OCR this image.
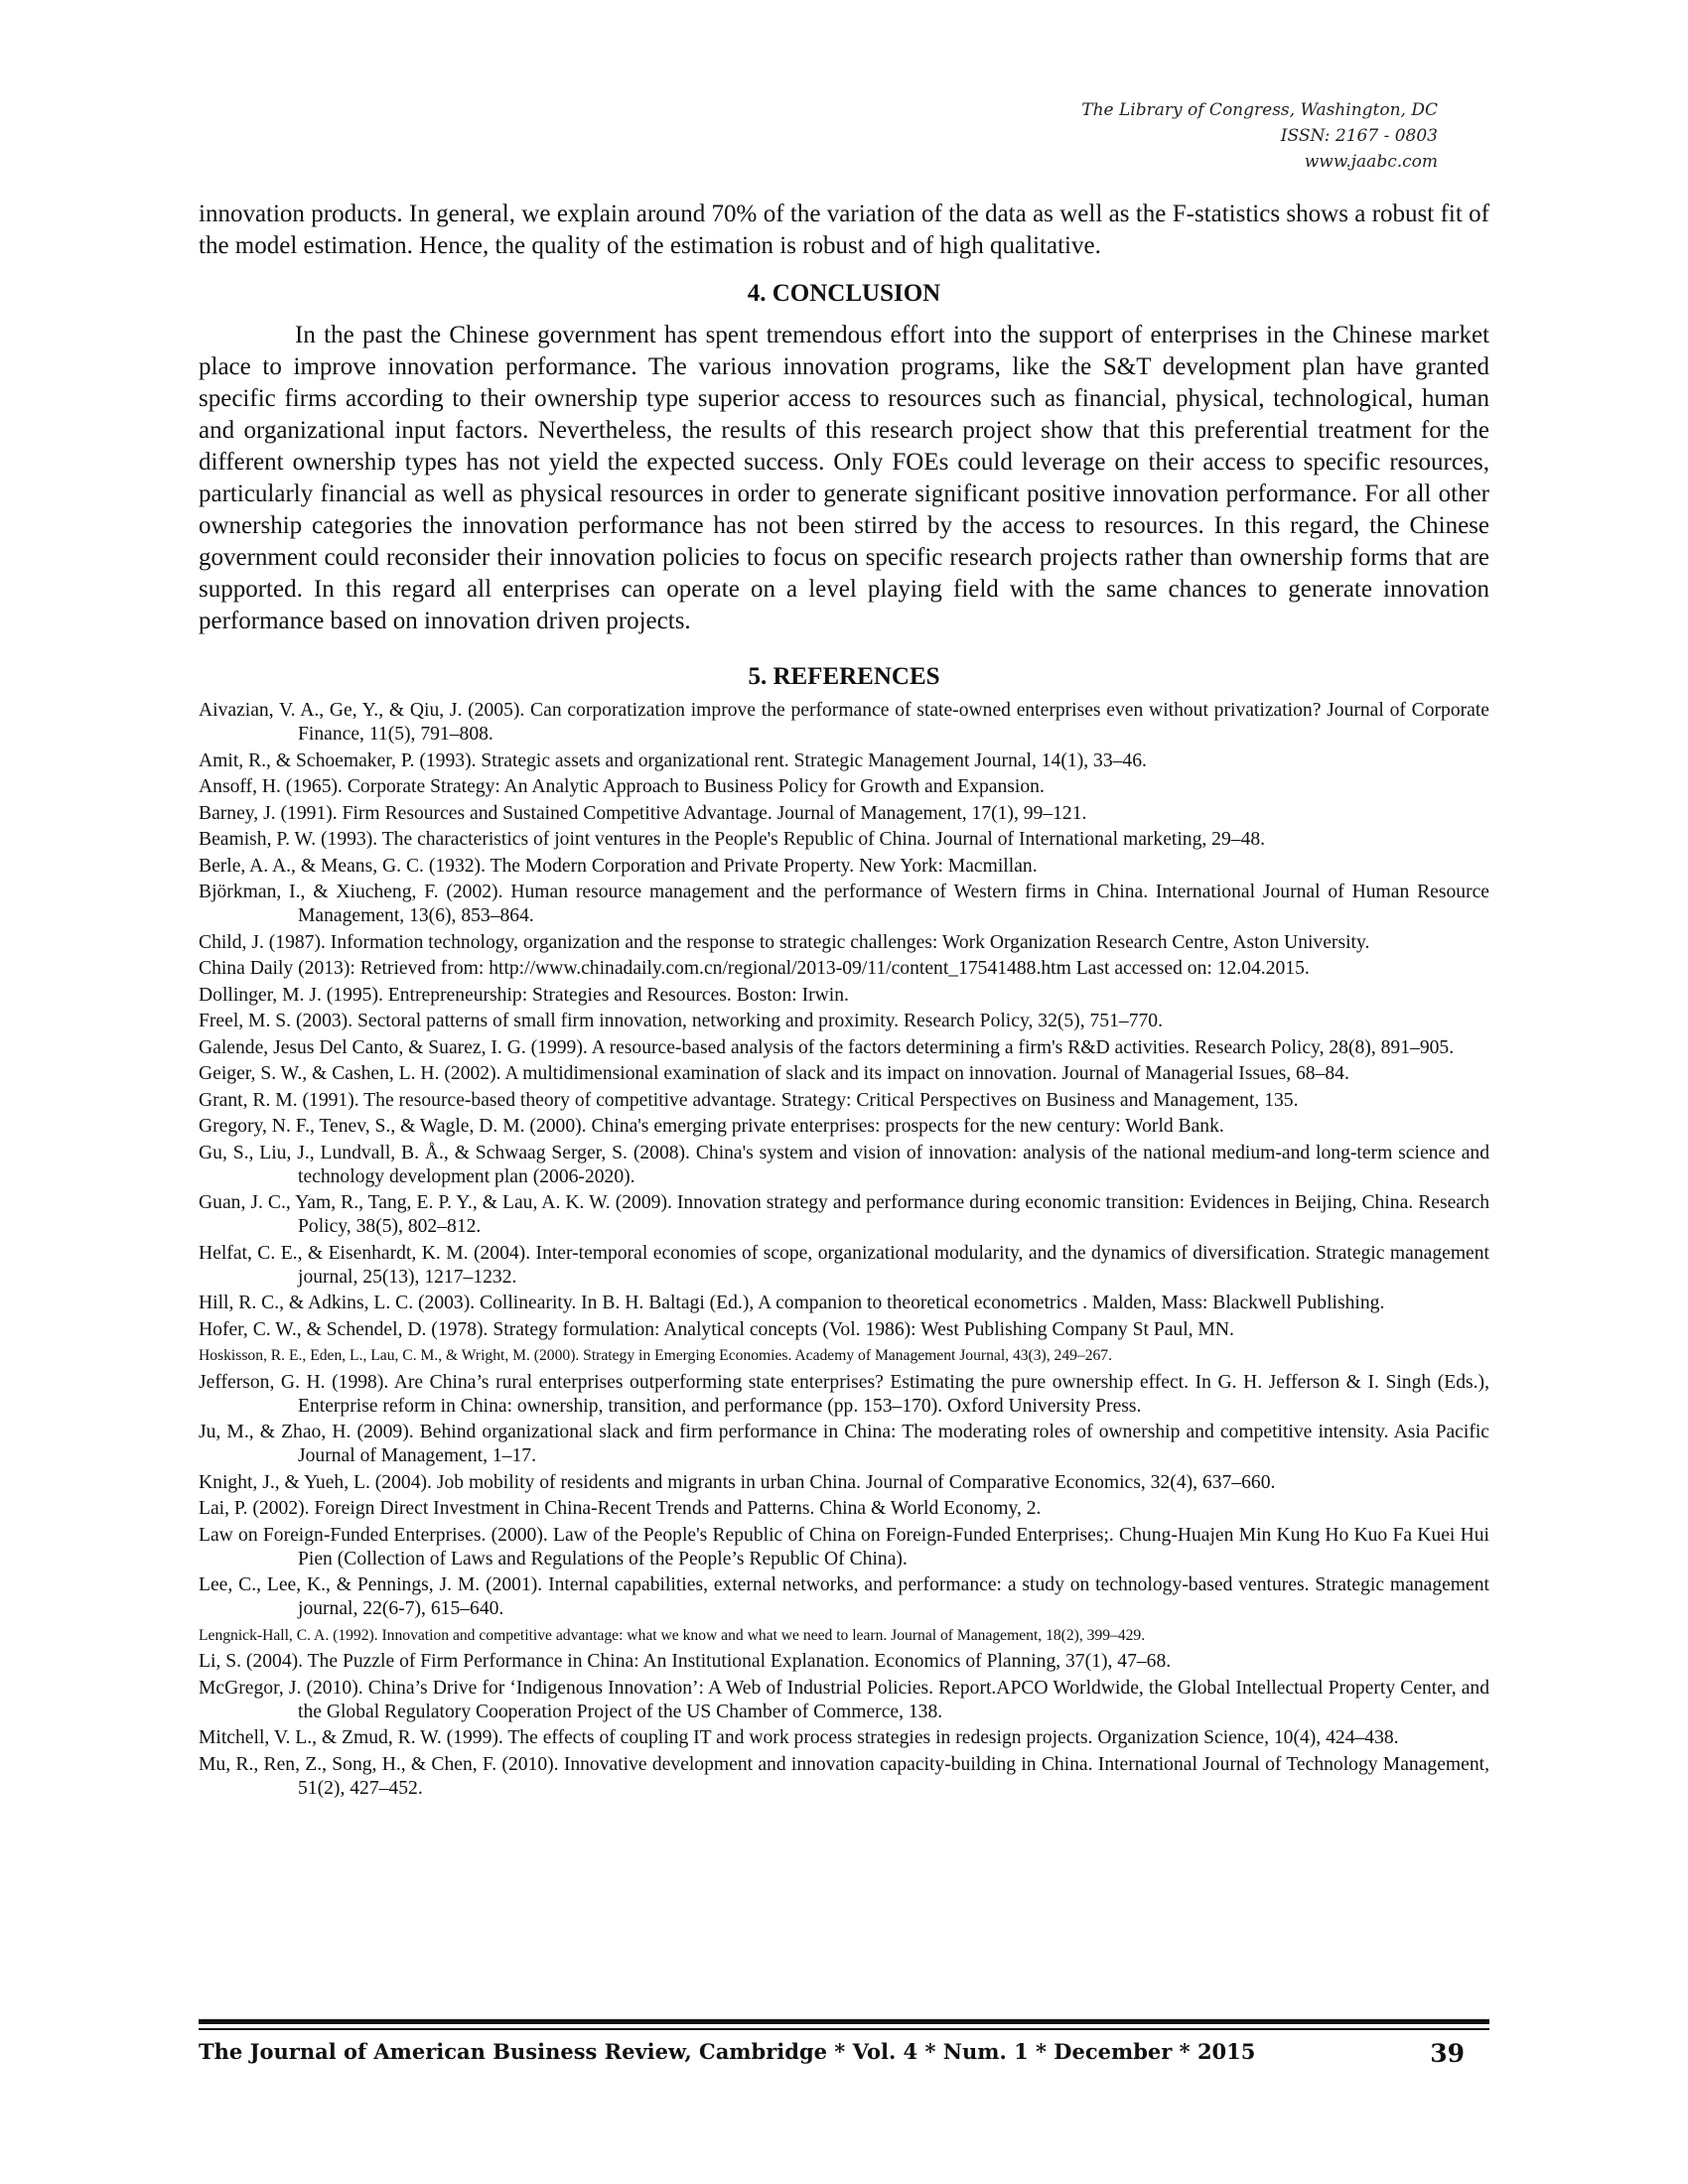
The Library of Congress, Washington, DC
ISSN: 2167 - 0803
www.jaabc.com

innovation products. In general, we explain around 70% of the variation of the data as well as the F-statistics shows a robust fit of the model estimation. Hence, the quality of the estimation is robust and of high qualitative.

4. CONCLUSION

In the past the Chinese government has spent tremendous effort into the support of enterprises in the Chinese market place to improve innovation performance. The various innovation programs, like the S&T development plan have granted specific firms according to their ownership type superior access to resources such as financial, physical, technological, human and organizational input factors. Nevertheless, the results of this research project show that this preferential treatment for the different ownership types has not yield the expected success. Only FOEs could leverage on their access to specific resources, particularly financial as well as physical resources in order to generate significant positive innovation performance. For all other ownership categories the innovation performance has not been stirred by the access to resources. In this regard, the Chinese government could reconsider their innovation policies to focus on specific research projects rather than ownership forms that are supported. In this regard all enterprises can operate on a level playing field with the same chances to generate innovation performance based on innovation driven projects.

5. REFERENCES
Aivazian, V. A., Ge, Y., & Qiu, J. (2005). Can corporatization improve the performance of state-owned enterprises even without privatization? Journal of Corporate Finance, 11(5), 791–808.
Amit, R., & Schoemaker, P. (1993). Strategic assets and organizational rent. Strategic Management Journal, 14(1), 33–46.
Ansoff, H. (1965). Corporate Strategy: An Analytic Approach to Business Policy for Growth and Expansion.
Barney, J. (1991). Firm Resources and Sustained Competitive Advantage. Journal of Management, 17(1), 99–121.
Beamish, P. W. (1993). The characteristics of joint ventures in the People's Republic of China. Journal of International marketing, 29–48.
Berle, A. A., & Means, G. C. (1932). The Modern Corporation and Private Property. New York: Macmillan.
Björkman, I., & Xiucheng, F. (2002). Human resource management and the performance of Western firms in China. International Journal of Human Resource Management, 13(6), 853–864.
Child, J. (1987). Information technology, organization and the response to strategic challenges: Work Organization Research Centre, Aston University.
China Daily (2013): Retrieved from: http://www.chinadaily.com.cn/regional/2013-09/11/content_17541488.htm Last accessed on: 12.04.2015.
Dollinger, M. J. (1995). Entrepreneurship: Strategies and Resources. Boston: Irwin.
Freel, M. S. (2003). Sectoral patterns of small firm innovation, networking and proximity. Research Policy, 32(5), 751–770.
Galende, Jesus Del Canto, & Suarez, I. G. (1999). A resource-based analysis of the factors determining a firm's R&D activities. Research Policy, 28(8), 891–905.
Geiger, S. W., & Cashen, L. H. (2002). A multidimensional examination of slack and its impact on innovation. Journal of Managerial Issues, 68–84.
Grant, R. M. (1991). The resource-based theory of competitive advantage. Strategy: Critical Perspectives on Business and Management, 135.
Gregory, N. F., Tenev, S., & Wagle, D. M. (2000). China's emerging private enterprises: prospects for the new century: World Bank.
Gu, S., Liu, J., Lundvall, B. Å., & Schwaag Serger, S. (2008). China's system and vision of innovation: analysis of the national medium-and long-term science and technology development plan (2006-2020).
Guan, J. C., Yam, R., Tang, E. P. Y., & Lau, A. K. W. (2009). Innovation strategy and performance during economic transition: Evidences in Beijing, China. Research Policy, 38(5), 802–812.
Helfat, C. E., & Eisenhardt, K. M. (2004). Inter-temporal economies of scope, organizational modularity, and the dynamics of diversification. Strategic management journal, 25(13), 1217–1232.
Hill, R. C., & Adkins, L. C. (2003). Collinearity. In B. H. Baltagi (Ed.), A companion to theoretical econometrics . Malden, Mass: Blackwell Publishing.
Hofer, C. W., & Schendel, D. (1978). Strategy formulation: Analytical concepts (Vol. 1986): West Publishing Company St Paul, MN.
Hoskisson, R. E., Eden, L., Lau, C. M., & Wright, M. (2000). Strategy in Emerging Economies. Academy of Management Journal, 43(3), 249–267.
Jefferson, G. H. (1998). Are China’s rural enterprises outperforming state enterprises? Estimating the pure ownership effect. In G. H. Jefferson & I. Singh (Eds.), Enterprise reform in China: ownership, transition, and performance (pp. 153–170). Oxford University Press.
Ju, M., & Zhao, H. (2009). Behind organizational slack and firm performance in China: The moderating roles of ownership and competitive intensity. Asia Pacific Journal of Management, 1–17.
Knight, J., & Yueh, L. (2004). Job mobility of residents and migrants in urban China. Journal of Comparative Economics, 32(4), 637–660.
Lai, P. (2002). Foreign Direct Investment in China-Recent Trends and Patterns. China & World Economy, 2.
Law on Foreign-Funded Enterprises. (2000). Law of the People's Republic of China on Foreign-Funded Enterprises;. Chung-Huajen Min Kung Ho Kuo Fa Kuei Hui Pien (Collection of Laws and Regulations of the People’s Republic Of China).
Lee, C., Lee, K., & Pennings, J. M. (2001). Internal capabilities, external networks, and performance: a study on technology-based ventures. Strategic management journal, 22(6-7), 615–640.
Lengnick-Hall, C. A. (1992). Innovation and competitive advantage: what we know and what we need to learn. Journal of Management, 18(2), 399–429.
Li, S. (2004). The Puzzle of Firm Performance in China: An Institutional Explanation. Economics of Planning, 37(1), 47–68.
McGregor, J. (2010). China’s Drive for ‘Indigenous Innovation’: A Web of Industrial Policies. Report.APCO Worldwide, the Global Intellectual Property Center, and the Global Regulatory Cooperation Project of the US Chamber of Commerce, 138.
Mitchell, V. L., & Zmud, R. W. (1999). The effects of coupling IT and work process strategies in redesign projects. Organization Science, 10(4), 424–438.
Mu, R., Ren, Z., Song, H., & Chen, F. (2010). Innovative development and innovation capacity-building in China. International Journal of Technology Management, 51(2), 427–452.
The Journal of American Business Review, Cambridge * Vol. 4 * Num. 1 * December * 2015	39
